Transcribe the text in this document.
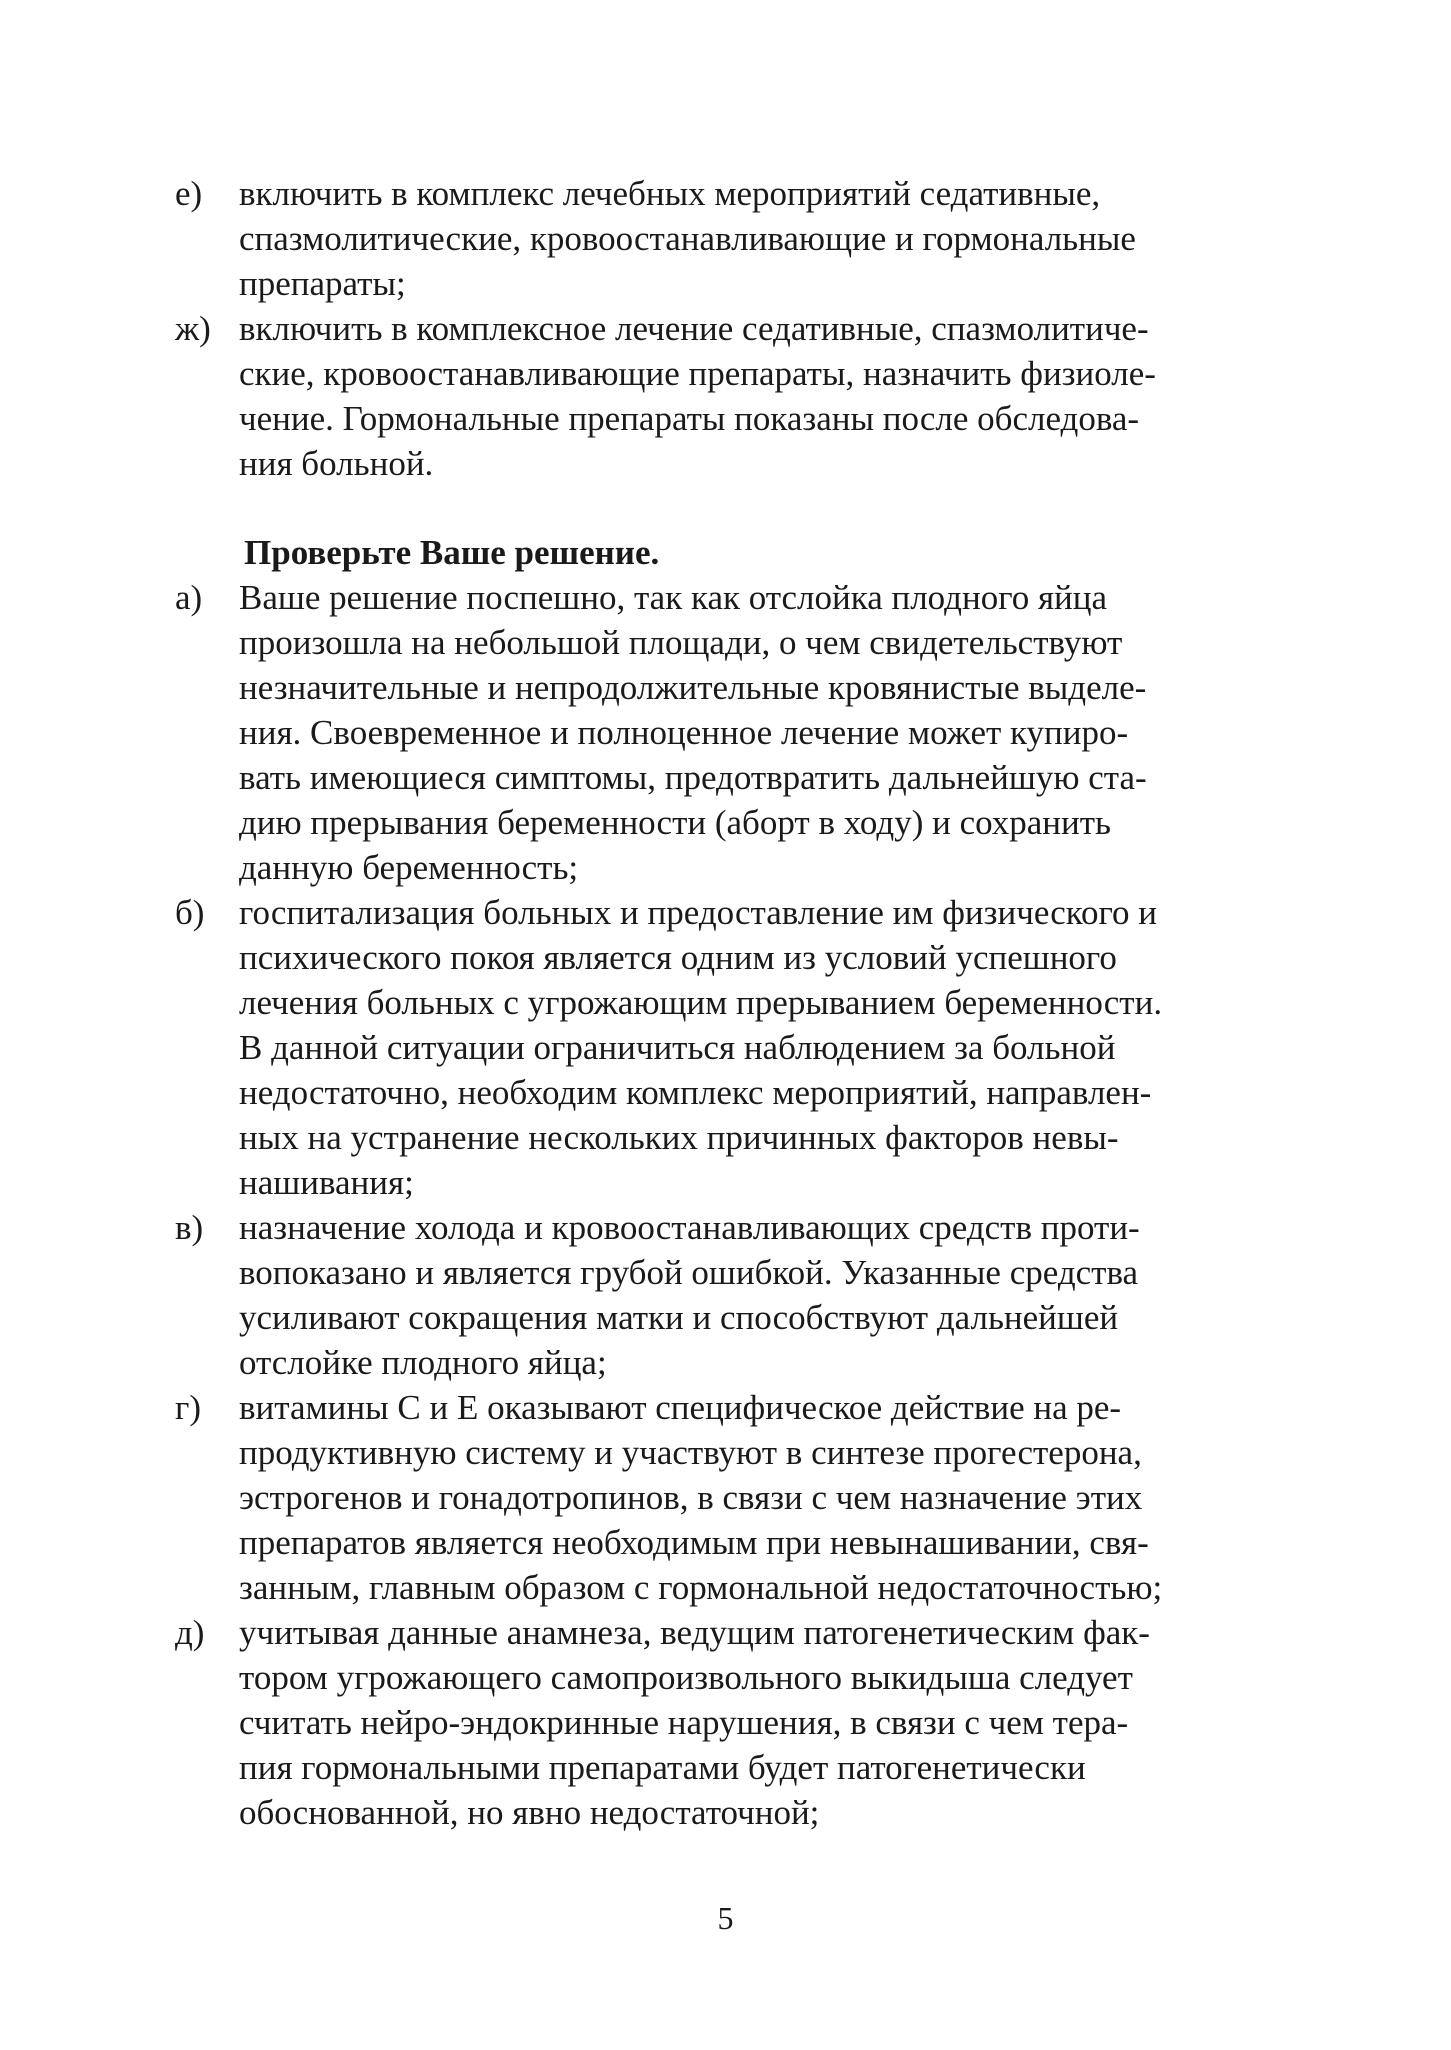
е)	включить в комплекс лечебных мероприятий седативные,
спазмолитические, кровоостанавливающие и гормональные
препараты;
ж) включить в комплексное лечение седативные, спазмолитиче-
ские, кровоостанавливающие препараты, назначить физиоле-
чение. Гормональные препараты показаны после обследова-
ния больной.
Проверьте Ваше решение.
а)	Ваше решение поспешно, так как отслойка плодного яйца
произошла на небольшой площади, о чем свидетельствуют
незначительные и непродолжительные кровянистые выделе-
ния. Своевременное и полноценное лечение может купиро-
вать имеющиеся симптомы, предотвратить дальнейшую ста-
дию прерывания беременности (аборт в ходу) и сохранить
данную беременность;
б) госпитализация больных и предоставление им физического и
психического покоя является одним из условий успешного
лечения больных с угрожающим прерыванием беременности.
В данной ситуации ограничиться наблюдением за больной
недостаточно, необходим комплекс мероприятий, направлен-
ных на устранение нескольких причинных факторов невы-
нашивания;
в)	назначение холода и кровоостанавливающих средств проти-
вопоказано и является грубой ошибкой. Указанные средства
усиливают сокращения матки и способствуют дальнейшей
отслойке плодного яйца;
г)	витамины С и Е оказывают специфическое действие на ре-
продуктивную систему и участвуют в синтезе прогестерона,
эстрогенов и гонадотропинов, в связи с чем назначение этих
препаратов является необходимым при невынашивании, свя-
занным, главным образом с гормональной недостаточностью;
д) учитывая данные анамнеза, ведущим патогенетическим фак-
тором угрожающего самопроизвольного выкидыша следует
считать нейро-эндокринные нарушения, в связи с чем тера-
пия гормональными препаратами будет патогенетически
обоснованной, но явно недостаточной;
5
